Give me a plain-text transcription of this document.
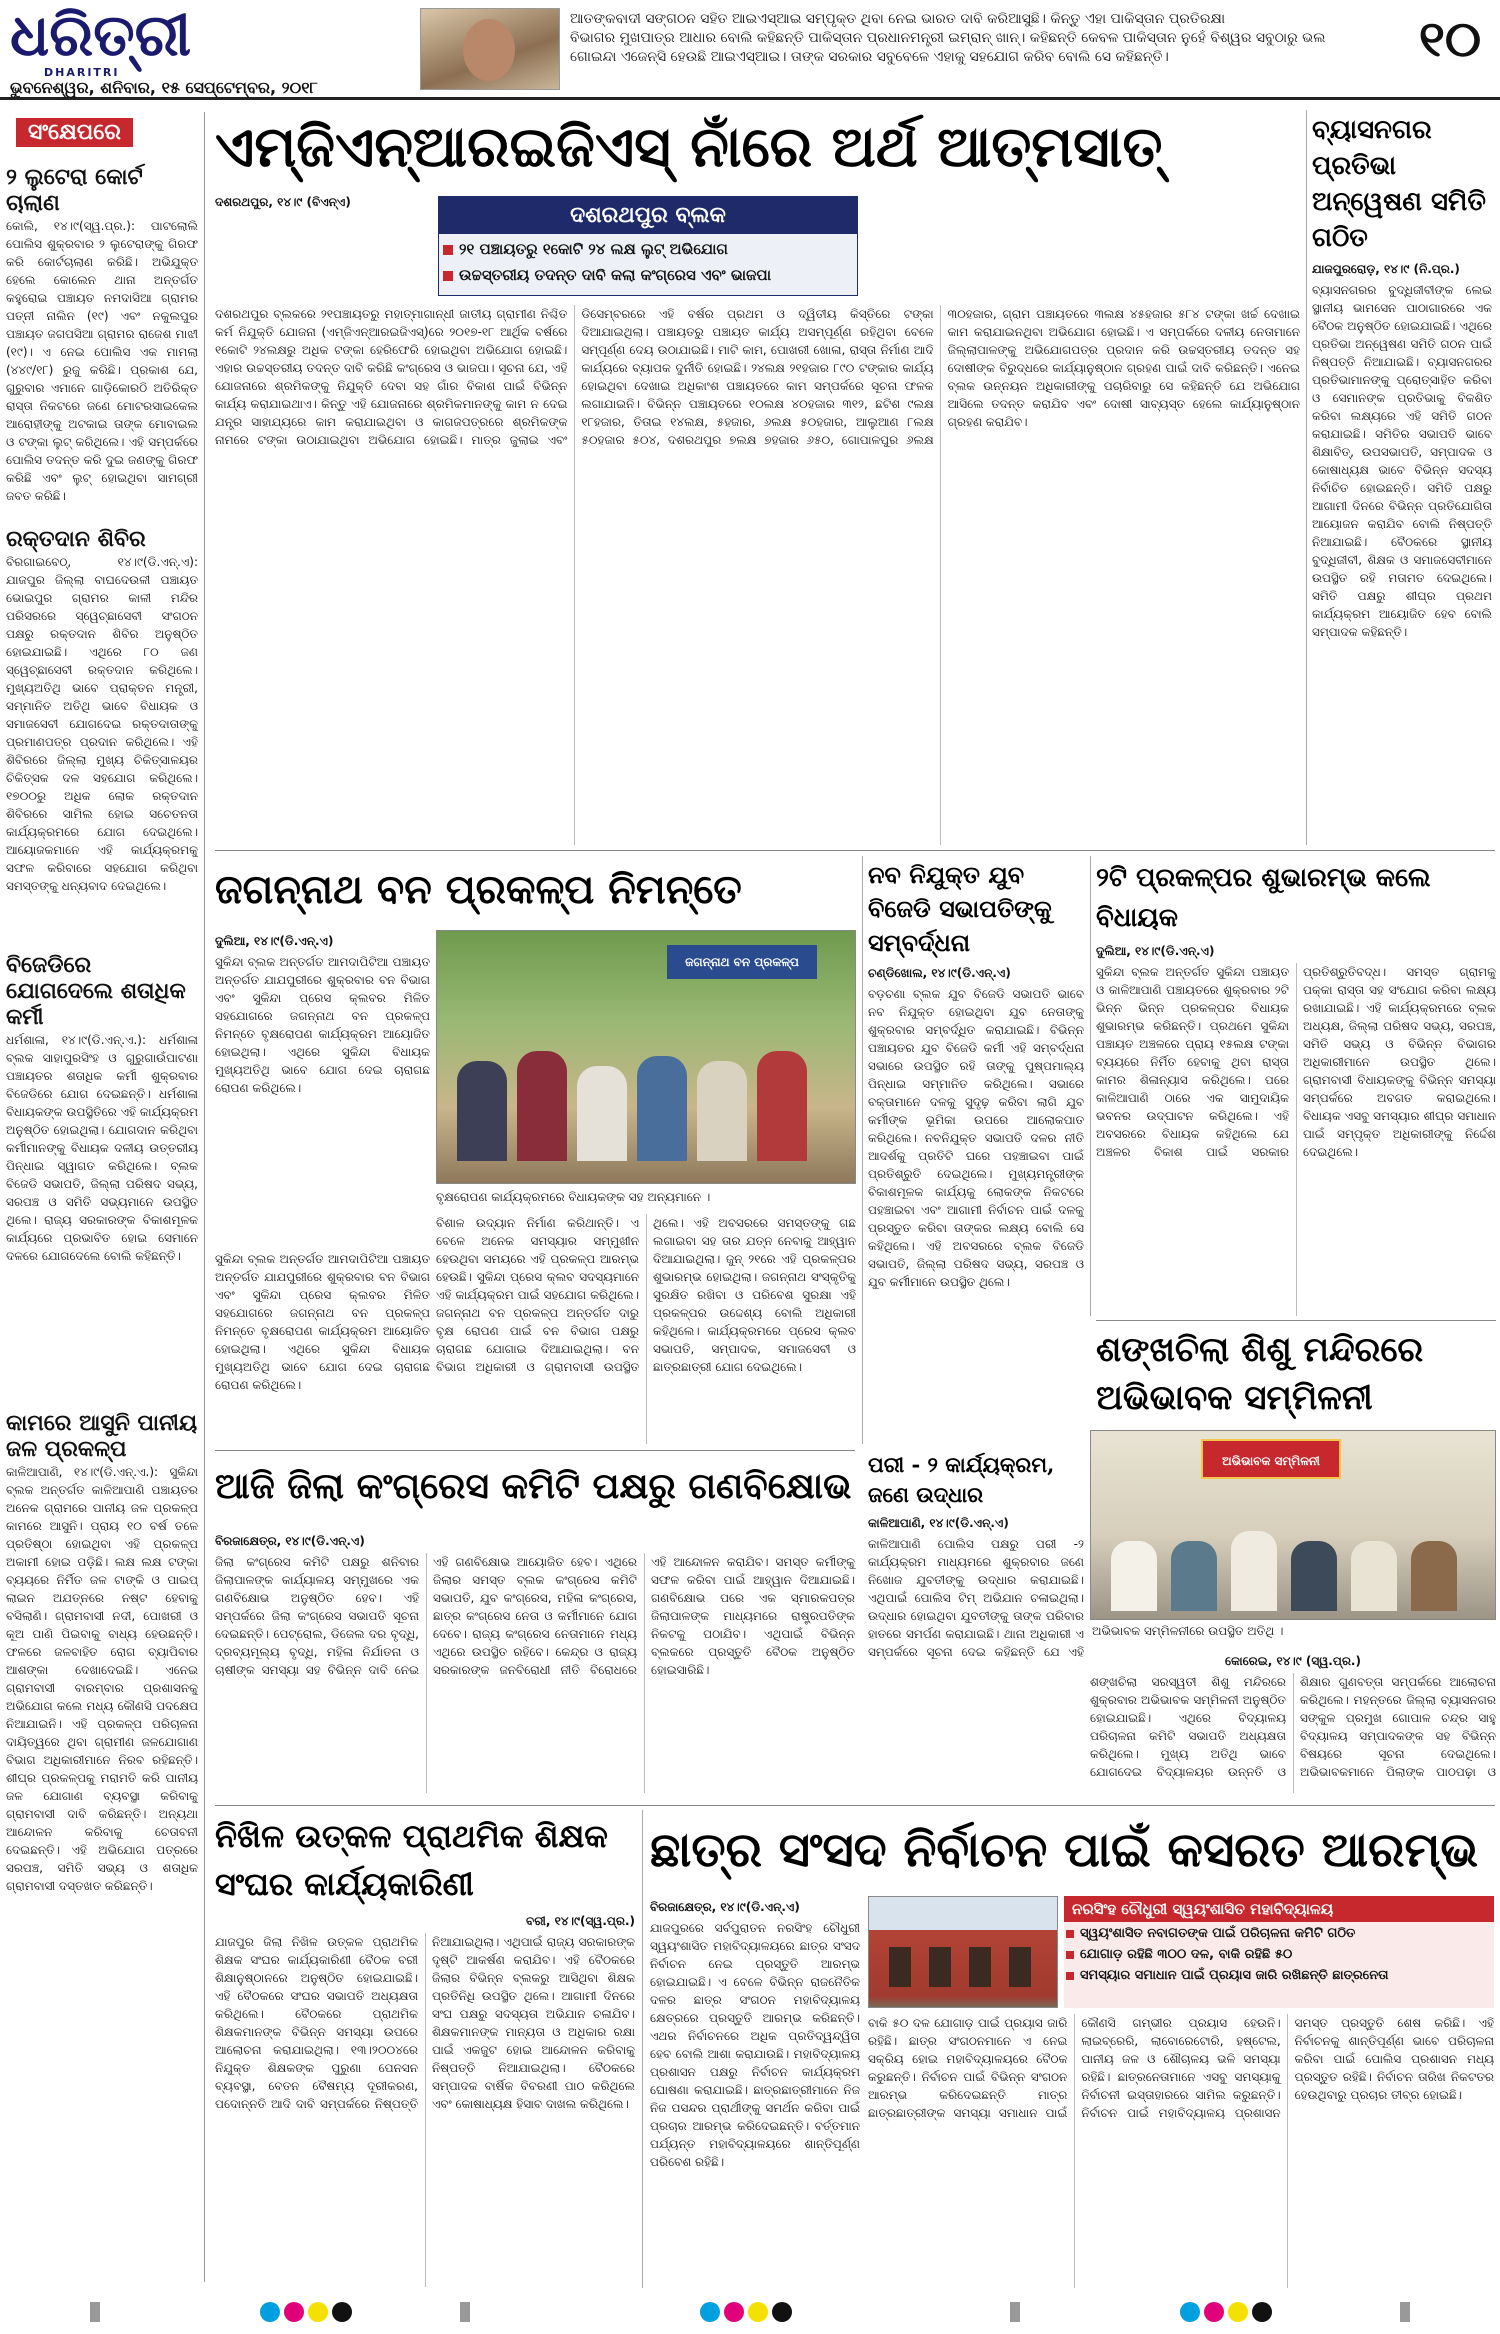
ଧରିତ୍ରୀ
DHARITRI
ଭୁବନେଶ୍ୱର, ଶନିବାର, ୧୫ ସେପ୍ଟେମ୍ବର, ୨୦୧୮
ଆତଙ୍କବାଦୀ ସଙ୍ଗଠନ ସହିତ ଆଇଏସ୍ଆଇ ସମ୍ପୃକ୍ତ ଥିବା ନେଇ ଭାରତ ଦାବି କରିଆସୁଛି। କିନ୍ତୁ ଏହା ପାକିସ୍ତାନ ପ୍ରତିରକ୍ଷା
ବିଭାଗର ମୁଖପାତ୍ର ଆଧାର ବୋଲି କହିଛନ୍ତି ପାକିସ୍ତାନ ପ୍ରଧାନମନ୍ତ୍ରୀ ଇମ୍ରାନ୍ ଖାନ୍। କହିଛନ୍ତି କେବଳ ପାକିସ୍ତାନ ନୁହେଁ ବିଶ୍ୱର ସବୁଠାରୁ ଭଲ
ଗୋଇନ୍ଦା ଏଜେନ୍ସି ହେଉଛି ଆଇଏସ୍ଆଇ। ତାଙ୍କ ସରକାର ସବୁବେଳେ ଏହାକୁ ସହଯୋଗ କରିବ ବୋଲି ସେ କହିଛନ୍ତି।	୧୦
ସଂକ୍ଷେପରେ
୨ ଲୁଟେରା କୋର୍ଟ ଚାଲାଣ
କୋଲି, ୧୪।୯(ସ୍ୱ.ପ୍ର.): ପାଟଲୋଲି ପୋଲିସ ଶୁକ୍ରବାର ୨ ଲୁଟେରାଙ୍କୁ ଗିରଫ କରି କୋର୍ଟଚାଲାଣ କରିଛି। ଅଭିଯୁକ୍ତ ହେଲେ କୋଲେନ ଥାନା ଅନ୍ତର୍ଗତ କହୁରୋଇ ପଞ୍ଚାୟତ ନମଦାସିଆ ଗ୍ରାମର ପତ୍ନୀ ନାଲିନ (୧୯) ଏବଂ ନକୁଲପୁର ପଞ୍ଚାୟତ ଜଗପସିଆ ଗ୍ରାମର ରାଜେଶ ମାଝୀ (୧୯)। ଏ ନେଇ ପୋଲିସ ଏକ ମାମଲା (୪୪୯/୧୮) ରୁଜୁ କରିଛି। ପ୍ରକାଶ ଯେ, ଗୁରୁବାର ଏମାନେ ଗାଡ଼ିକୋରଠି ଅତିରିକ୍ତ ରାସ୍ତା ନିକଟରେ ଜଣେ ମୋଟରସାଇକେଲ ଆରୋହୀଙ୍କୁ ଅଟକାଇ ତାଙ୍କ ମୋବାଇଲ ଓ ଟଙ୍କା ଲୁଟ୍ କରିଥିଲେ। ଏହି ସମ୍ପର୍କରେ ପୋଲିସ ତଦନ୍ତ କରି ଦୁଇ ଜଣଙ୍କୁ ଗିରଫ କରିଛି ଏବଂ ଲୁଟ୍ ହୋଇଥିବା ସାମଗ୍ରୀ ଜବତ କରିଛି।
ରକ୍ତଦାନ ଶିବିର
ବିରଗାଇବେଠ୍, ୧୪।୯(ଡି.ଏନ୍.ଏ): ଯାଜପୁର ଜିଲ୍ଲା ବାଘଦେଉଳୀ ପଞ୍ଚାୟତ ଭୋଇପୁର ଗ୍ରାମର କାଳୀ ମନ୍ଦିର ପରିସରରେ ସ୍ୱେଚ୍ଛାସେବୀ ସଂଗଠନ ପକ୍ଷରୁ ରକ୍ତଦାନ ଶିବିର ଅନୁଷ୍ଠିତ ହୋଇଯାଇଛି। ଏଥିରେ ୮୦ ଜଣ ସ୍ୱେଚ୍ଛାସେବୀ ରକ୍ତଦାନ କରିଥିଲେ। ମୁଖ୍ୟଅତିଥି ଭାବେ ପ୍ରାକ୍ତନ ମନ୍ତ୍ରୀ, ସମ୍ମାନିତ ଅତିଥି ଭାବେ ବିଧାୟକ ଓ ସମାଜସେବୀ ଯୋଗଦେଇ ରକ୍ତଦାତାଙ୍କୁ ପ୍ରମାଣପତ୍ର ପ୍ରଦାନ କରିଥିଲେ। ଏହି ଶିବିରରେ ଜିଲ୍ଲା ମୁଖ୍ୟ ଚିକିତ୍ସାଳୟର ଚିକିତ୍ସକ ଦଳ ସହଯୋଗ କରିଥିଲେ। ୧୭୦୦ରୁ ଅଧିକ ଲୋକ ରକ୍ତଦାନ ଶିବିରରେ ସାମିଲ ହୋଇ ସଚେତନତା କାର୍ଯ୍ୟକ୍ରମରେ ଯୋଗ ଦେଇଥିଲେ। ଆୟୋଜକମାନେ ଏହି କାର୍ଯ୍ୟକ୍ରମକୁ ସଫଳ କରିବାରେ ସହଯୋଗ କରିଥିବା ସମସ୍ତଙ୍କୁ ଧନ୍ୟବାଦ ଦେଇଥିଲେ।
ବିଜେଡିରେ ଯୋଗଦେଲେ ଶତାଧିକ କର୍ମୀ
ଧର୍ମଶାଳା, ୧୪।୯(ଡି.ଏନ୍.ଏ.): ଧର୍ମଶାଳା ବ୍ଲକ ସାହାପୁରସିଂହ ଓ ଗୁରୁଗାଉଁପାଟଣା ପଞ୍ଚାୟତର ଶତାଧିକ କର୍ମୀ ଶୁକ୍ରବାର ବିଜେଡିରେ ଯୋଗ ଦେଇଛନ୍ତି। ଧର୍ମଶାଳା ବିଧାୟକଙ୍କ ଉପସ୍ଥିତିରେ ଏହି କାର୍ଯ୍ୟକ୍ରମ ଅନୁଷ୍ଠିତ ହୋଇଥିଲା। ଯୋଗଦାନ କରିଥିବା କର୍ମୀମାନଙ୍କୁ ବିଧାୟକ ଦଳୀୟ ଉତ୍ତରୀୟ ପିନ୍ଧାଇ ସ୍ୱାଗତ କରିଥିଲେ। ବ୍ଲକ ବିଜେଡି ସଭାପତି, ଜିଲ୍ଲା ପରିଷଦ ସଭ୍ୟ, ସରପଞ୍ଚ ଓ ସମିତି ସଭ୍ୟମାନେ ଉପସ୍ଥିତ ଥିଲେ। ରାଜ୍ୟ ସରକାରଙ୍କ ବିକାଶମୂଳକ କାର୍ଯ୍ୟରେ ପ୍ରଭାବିତ ହୋଇ ସେମାନେ ଦଳରେ ଯୋଗଦେଲେ ବୋଲି କହିଛନ୍ତି।
କାମରେ ଆସୁନି ପାନୀୟ ଜଳ ପ୍ରକଳ୍ପ
କାଳିଆପାଣି, ୧୪।୯(ଡି.ଏନ୍.ଏ.): ସୁକିନ୍ଦା ବ୍ଲକ ଅନ୍ତର୍ଗତ କାଳିଆପାଣି ପଞ୍ଚାୟତର ଅନେକ ଗ୍ରାମରେ ପାନୀୟ ଜଳ ପ୍ରକଳ୍ପ କାମରେ ଆସୁନି। ପ୍ରାୟ ୧୦ ବର୍ଷ ତଳେ ପ୍ରତିଷ୍ଠା ହୋଇଥିବା ଏହି ପ୍ରକଳ୍ପ ଅକାମୀ ହୋଇ ପଡ଼ିଛି। ଲକ୍ଷ ଲକ୍ଷ ଟଙ୍କା ବ୍ୟୟରେ ନିର୍ମିତ ଜଳ ଟାଙ୍କି ଓ ପାଇପ୍ ଲାଇନ ଅଯତ୍ନରେ ନଷ୍ଟ ହେବାକୁ ବସିଲାଣି। ଗ୍ରାମବାସୀ ନଦୀ, ପୋଖରୀ ଓ କୂଅ ପାଣି ପିଇବାକୁ ବାଧ୍ୟ ହେଉଛନ୍ତି। ଫଳରେ ଜଳବାହିତ ରୋଗ ବ୍ୟାପିବାର ଆଶଙ୍କା ଦେଖାଦେଇଛି। ଏନେଇ ଗ୍ରାମବାସୀ ବାରମ୍ବାର ପ୍ରଶାସନକୁ ଅଭିଯୋଗ କଲେ ମଧ୍ୟ କୌଣସି ପଦକ୍ଷେପ ନିଆଯାଇନି। ଏହି ପ୍ରକଳ୍ପ ପରିଚାଳନା ଦାୟିତ୍ୱରେ ଥିବା ଗ୍ରାମୀଣ ଜଳଯୋଗାଣ ବିଭାଗ ଅଧିକାରୀମାନେ ନିରବ ରହିଛନ୍ତି। ଶୀଘ୍ର ପ୍ରକଳ୍ପକୁ ମରାମତି କରି ପାନୀୟ ଜଳ ଯୋଗାଣ ବ୍ୟବସ୍ଥା କରିବାକୁ ଗ୍ରାମବାସୀ ଦାବି କରିଛନ୍ତି। ଅନ୍ୟଥା ଆନ୍ଦୋଳନ କରିବାକୁ ଚେତାବନୀ ଦେଇଛନ୍ତି। ଏହି ଅଭିଯୋଗ ପତ୍ରରେ ସରପଞ୍ଚ, ସମିତି ସଭ୍ୟ ଓ ଶତାଧିକ ଗ୍ରାମବାସୀ ଦସ୍ତଖତ କରିଛନ୍ତି।
ଏମ୍‌ଜିଏନ୍‌ଆରଇଜିଏସ୍ ନାଁରେ ଅର୍ଥ ଆତ୍ମସାତ୍
ଦଶରଥପୁର, ୧୪।୯ (ବିଏନ୍ଏ)
ଦଶରଥପୁର ବ୍ଲକ
୨୧ ପଞ୍ଚାୟତରୁ ୧କୋଟି ୨୪ ଲକ୍ଷ ଲୁଟ୍ ଅଭିଯୋଗ
ଉଚ୍ଚସ୍ତରୀୟ ତଦନ୍ତ ଦାବି କଲା କଂଗ୍ରେସ ଏବଂ ଭାଜପା
ଦଶରଥପୁର ବ୍ଲକରେ ୨୧ପଞ୍ଚାୟତରୁ ମହାତ୍ମାଗାନ୍ଧୀ ଜାତୀୟ ଗ୍ରାମୀଣ ନିଶ୍ଚିତ କର୍ମ ନିଯୁକ୍ତି ଯୋଜନା (ଏମ୍‌ଜିଏନ୍‌ଆରଇଜିଏସ୍)ରେ ୨୦୧୭-୧୮ ଆର୍ଥିକ ବର୍ଷରେ ୧କୋଟି ୨୪ଲକ୍ଷରୁ ଅଧିକ ଟଙ୍କା ହେରିଫେରି ହୋଇଥିବା ଅଭିଯୋଗ ହୋଇଛି। ଏହାର ଉଚ୍ଚସ୍ତରୀୟ ତଦନ୍ତ ଦାବି କରିଛି କଂଗ୍ରେସ ଓ ଭାଜପା। ସୂଚନା ଯେ, ଏହି ଯୋଜନାରେ ଶ୍ରମିକଙ୍କୁ ନିଯୁକ୍ତି ଦେବା ସହ ଗାଁର ବିକାଶ ପାଇଁ ବିଭିନ୍ନ କାର୍ଯ୍ୟ କରାଯାଇଥାଏ। କିନ୍ତୁ ଏହି ଯୋଜନାରେ ଶ୍ରମିକମାନଙ୍କୁ କାମ ନ ଦେଇ ଯନ୍ତ୍ର ସାହାଯ୍ୟରେ କାମ କରାଯାଇଥିବା ଓ କାଗଜପତ୍ରରେ ଶ୍ରମିକଙ୍କ ନାମରେ ଟଙ୍କା ଉଠାଯାଇଥିବା ଅଭିଯୋଗ ହୋଇଛି। ମାତ୍ର ଜୁଲାଇ ଏବଂ ଡିସେମ୍ବରରେ ଏହି ବର୍ଷର ପ୍ରଥମ ଓ ଦ୍ୱିତୀୟ କିସ୍ତିରେ ଟଙ୍କା ଦିଆଯାଇଥିଲା। ପଞ୍ଚାୟତରୁ ପଞ୍ଚାୟତ କାର୍ଯ୍ୟ ଅସମ୍ପୂର୍ଣ୍ଣ ରହିଥିବା ବେଳେ ସମ୍ପୂର୍ଣ୍ଣ ଦେୟ ଉଠାଯାଇଛି। ମାଟି କାମ, ପୋଖରୀ ଖୋଳା, ରାସ୍ତା ନିର୍ମାଣ ଆଦି କାର୍ଯ୍ୟରେ ବ୍ୟାପକ ଦୁର୍ନୀତି ହୋଇଛି। ୨୪ଲକ୍ଷ ୨୧ହଜାର ୮୯୦ ଟଙ୍କାର କାର୍ଯ୍ୟ ହୋଇଥିବା ଦେଖାଇ ଅଧିକାଂଶ ପଞ୍ଚାୟତରେ କାମ ସମ୍ପର୍କରେ ସୂଚନା ଫଳକ ଲଗାଯାଇନି। ବିଭିନ୍ନ ପଞ୍ଚାୟତରେ ୧୦ଲକ୍ଷ ୪୦ହଜାର ୩୧୨, ଛଟିଶ ୯ଲକ୍ଷ ୧୮ହଜାର, ତିତାଇ ୧୪ଲକ୍ଷ, ୫ହଜାର, ୬ଲକ୍ଷ ୫୦ହଜାର, ଆଲୁଆଣ ୮ଲକ୍ଷ ୫୦ହଜାର ୫୦୪, ଦଶରଥପୁର ୭ଲକ୍ଷ ୭ହଜାର ୬୫୦, ଗୋପାଳପୁର ୬ଲକ୍ଷ ୩୦ହଜାର, ଗ୍ରାମ ପଞ୍ଚାୟତରେ ୩ଲକ୍ଷ ୪୫ହଜାର ୫୮୪ ଟଙ୍କା ଖର୍ଚ୍ଚ ଦେଖାଇ କାମ କରାଯାଇନଥିବା ଅଭିଯୋଗ ହୋଇଛି। ଏ ସମ୍ପର୍କରେ ଦଳୀୟ ନେତାମାନେ ଜିଲ୍ଲାପାଳଙ୍କୁ ଅଭିଯୋଗପତ୍ର ପ୍ରଦାନ କରି ଉଚ୍ଚସ୍ତରୀୟ ତଦନ୍ତ ସହ ଦୋଷୀଙ୍କ ବିରୁଦ୍ଧରେ କାର୍ଯ୍ୟାନୁଷ୍ଠାନ ଗ୍ରହଣ ପାଇଁ ଦାବି କରିଛନ୍ତି। ଏନେଇ ବ୍ଲକ ଉନ୍ନୟନ ଅଧିକାରୀଙ୍କୁ ପଚାରିବାରୁ ସେ କହିଛନ୍ତି ଯେ ଅଭିଯୋଗ ଆସିଲେ ତଦନ୍ତ କରାଯିବ ଏବଂ ଦୋଷୀ ସାବ୍ୟସ୍ତ ହେଲେ କାର୍ଯ୍ୟାନୁଷ୍ଠାନ ଗ୍ରହଣ କରାଯିବ।
ବ୍ୟାସନଗର ପ୍ରତିଭା ଅନ୍ୱେଷଣ ସମିତି ଗଠିତ
ଯାଜପୁରରୋଡ଼, ୧୪।୯ (ନି.ପ୍ର.)
ବ୍ୟାସନଗରର ବୁଦ୍ଧିଜୀବୀଙ୍କ ଲେଇ ସ୍ଥାନୀୟ ଭାମସେନ ପାଠାଗାରରେ ଏକ ବୈଠକ ଅନୁଷ୍ଠିତ ହୋଇଯାଇଛି। ଏଥିରେ ପ୍ରତିଭା ଅନ୍ୱେଷଣ ସମିତି ଗଠନ ପାଇଁ ନିଷ୍ପତ୍ତି ନିଆଯାଇଛି। ବ୍ୟାସନଗରର ପ୍ରତିଭାମାନଙ୍କୁ ପ୍ରୋତ୍ସାହିତ କରିବା ଓ ସେମାନଙ୍କ ପ୍ରତିଭାକୁ ବିକଶିତ କରିବା ଲକ୍ଷ୍ୟରେ ଏହି ସମିତି ଗଠନ କରାଯାଇଛି। ସମିତିର ସଭାପତି ଭାବେ ଶିକ୍ଷାବିତ୍, ଉପସଭାପତି, ସମ୍ପାଦକ ଓ କୋଷାଧ୍ୟକ୍ଷ ଭାବେ ବିଭିନ୍ନ ସଦସ୍ୟ ନିର୍ବାଚିତ ହୋଇଛନ୍ତି। ସମିତି ପକ୍ଷରୁ ଆଗାମୀ ଦିନରେ ବିଭିନ୍ନ ପ୍ରତିଯୋଗିତା ଆୟୋଜନ କରାଯିବ ବୋଲି ନିଷ୍ପତ୍ତି ନିଆଯାଇଛି। ବୈଠକରେ ସ୍ଥାନୀୟ ବୁଦ୍ଧିଜୀବୀ, ଶିକ୍ଷକ ଓ ସମାଜସେବୀମାନେ ଉପସ୍ଥିତ ରହି ମତାମତ ଦେଇଥିଲେ। ସମିତି ପକ୍ଷରୁ ଶୀଘ୍ର ପ୍ରଥମ କାର୍ଯ୍ୟକ୍ରମ ଆୟୋଜିତ ହେବ ବୋଲି ସମ୍ପାଦକ କହିଛନ୍ତି।
ଜଗନ୍ନାଥ ବନ ପ୍ରକଳ୍ପ ନିମନ୍ତେ
ଦୁଲିଆ, ୧୪।୯(ଡି.ଏନ୍.ଏ)
ସୁକିନ୍ଦା ବ୍ଲକ ଅନ୍ତର୍ଗତ ଆମଦାପିଟିଆ ପଞ୍ଚାୟତ ଅନ୍ତର୍ଗତ ଯାଯପୁରୀରେ ଶୁକ୍ରବାର ବନ ବିଭାଗ ଏବଂ ସୁକିନ୍ଦା ପ୍ରେସ କ୍ଲବର ମିଳିତ ସହଯୋଗରେ ଜଗନ୍ନାଥ ବନ ପ୍ରକଳ୍ପ ନିମନ୍ତେ ବୃକ୍ଷରୋପଣ କାର୍ଯ୍ୟକ୍ରମ ଆୟୋଜିତ ହୋଇଥିଲା। ଏଥିରେ ସୁକିନ୍ଦା ବିଧାୟକ ମୁଖ୍ୟଅତିଥି ଭାବେ ଯୋଗ ଦେଇ ଚାରାଗଛ ରୋପଣ କରିଥିଲେ।
ଜଗନ୍ନାଥ ବନ ପ୍ରକଳ୍ପ
ବୃକ୍ଷରୋପଣ କାର୍ଯ୍ୟକ୍ରମରେ ବିଧାୟକଙ୍କ ସହ ଅନ୍ୟମାନେ ।
ବିଶାଳ ଉଦ୍ୟାନ ନିର୍ମାଣ କରିଥାନ୍ତି। ଏ ବେଳେ ଅନେକ ସମସ୍ୟାର ସମ୍ମୁଖୀନ ହେଉଥିବା ସମୟରେ ଏହି ପ୍ରକଳ୍ପ ଆରମ୍ଭ ହେଉଛି। ସୁକିନ୍ଦା ପ୍ରେସ କ୍ଲବ ସଦସ୍ୟମାନେ ଏହି କାର୍ଯ୍ୟକ୍ରମ ପାଇଁ ସହଯୋଗ କରିଥିଲେ। ଜଗନ୍ନାଥ ବନ ପ୍ରକଳ୍ପ ଅନ୍ତର୍ଗତ ଦାରୁ ବୃକ୍ଷ ରୋପଣ ପାଇଁ ବନ ବିଭାଗ ପକ୍ଷରୁ ଚାରାଗଛ ଯୋଗାଇ ଦିଆଯାଇଥିଲା। ବନ ବିଭାଗ ଅଧିକାରୀ ଓ ଗ୍ରାମବାସୀ ଉପସ୍ଥିତ ଥିଲେ। ଏହି ଅବସରରେ ସମସ୍ତଙ୍କୁ ଗଛ ଲଗାଇବା ସହ ତାର ଯତ୍ନ ନେବାକୁ ଆହ୍ୱାନ ଦିଆଯାଇଥିଲା। ଜୁନ୍ ୨୧ରେ ଏହି ପ୍ରକଳ୍ପର ଶୁଭାରମ୍ଭ ହୋଇଥିଲା। ଜଗନ୍ନାଥ ସଂସ୍କୃତିକୁ ସୁରକ୍ଷିତ ରଖିବା ଓ ପରିବେଶ ସୁରକ୍ଷା ଏହି ପ୍ରକଳ୍ପର ଉଦ୍ଦେଶ୍ୟ ବୋଲି ଅଧିକାରୀ କହିଥିଲେ। କାର୍ଯ୍ୟକ୍ରମରେ ପ୍ରେସ କ୍ଲବ ସଭାପତି, ସମ୍ପାଦକ, ସମାଜସେବୀ ଓ ଛାତ୍ରଛାତ୍ରୀ ଯୋଗ ଦେଇଥିଲେ।
ସୁକିନ୍ଦା ବ୍ଲକ ଅନ୍ତର୍ଗତ ଆମଦାପିଟିଆ ପଞ୍ଚାୟତ ଅନ୍ତର୍ଗତ ଯାଯପୁରୀରେ ଶୁକ୍ରବାର ବନ ବିଭାଗ ଏବଂ ସୁକିନ୍ଦା ପ୍ରେସ କ୍ଲବର ମିଳିତ ସହଯୋଗରେ ଜଗନ୍ନାଥ ବନ ପ୍ରକଳ୍ପ ନିମନ୍ତେ ବୃକ୍ଷରୋପଣ କାର୍ଯ୍ୟକ୍ରମ ଆୟୋଜିତ ହୋଇଥିଲା। ଏଥିରେ ସୁକିନ୍ଦା ବିଧାୟକ ମୁଖ୍ୟଅତିଥି ଭାବେ ଯୋଗ ଦେଇ ଚାରାଗଛ ରୋପଣ କରିଥିଲେ।
ନବ ନିଯୁକ୍ତ ଯୁବ ବିଜେଡି ସଭାପତିଙ୍କୁ ସମ୍ବର୍ଦ୍ଧନା
ଚଣ୍ଡିଖୋଲ, ୧୪।୯(ଡି.ଏନ୍.ଏ)
ବଡ଼ଚଣା ବ୍ଲକ ଯୁବ ବିଜେଡି ସଭାପତି ଭାବେ ନବ ନିଯୁକ୍ତ ହୋଇଥିବା ଯୁବ ନେତାଙ୍କୁ ଶୁକ୍ରବାର ସମ୍ବର୍ଦ୍ଧିତ କରାଯାଇଛି। ବିଭିନ୍ନ ପଞ୍ଚାୟତର ଯୁବ ବିଜେଡି କର୍ମୀ ଏହି ସମ୍ବର୍ଦ୍ଧନା ସଭାରେ ଉପସ୍ଥିତ ରହି ତାଙ୍କୁ ପୁଷ୍ପମାଲ୍ୟ ପିନ୍ଧାଇ ସମ୍ମାନିତ କରିଥିଲେ। ସଭାରେ ବକ୍ତାମାନେ ଦଳକୁ ସୁଦୃଢ଼ କରିବା ଲାଗି ଯୁବ କର୍ମୀଙ୍କ ଭୂମିକା ଉପରେ ଆଲୋକପାତ କରିଥିଲେ। ନବନିଯୁକ୍ତ ସଭାପତି ଦଳର ନୀତି ଆଦର୍ଶକୁ ପ୍ରତିଟି ଘରେ ପହଞ୍ଚାଇବା ପାଇଁ ପ୍ରତିଶ୍ରୁତି ଦେଇଥିଲେ। ମୁଖ୍ୟମନ୍ତ୍ରୀଙ୍କ ବିକାଶମୂଳକ କାର୍ଯ୍ୟକୁ ଲୋକଙ୍କ ନିକଟରେ ପହଞ୍ଚାଇବା ଏବଂ ଆଗାମୀ ନିର୍ବାଚନ ପାଇଁ ଦଳକୁ ପ୍ରସ୍ତୁତ କରିବା ତାଙ୍କର ଲକ୍ଷ୍ୟ ବୋଲି ସେ କହିଥିଲେ। ଏହି ଅବସରରେ ବ୍ଲକ ବିଜେଡି ସଭାପତି, ଜିଲ୍ଲା ପରିଷଦ ସଭ୍ୟ, ସରପଞ୍ଚ ଓ ଯୁବ କର୍ମୀମାନେ ଉପସ୍ଥିତ ଥିଲେ।
୨ଟି ପ୍ରକଳ୍ପର ଶୁଭାରମ୍ଭ କଲେ ବିଧାୟକ
ଦୁଲିଆ, ୧୪।୯(ଡି.ଏନ୍.ଏ)
ସୁକିନ୍ଦା ବ୍ଲକ ଅନ୍ତର୍ଗତ ସୁକିନ୍ଦା ପଞ୍ଚାୟତ ଓ କାଳିଆପାଣି ପଞ୍ଚାୟତରେ ଶୁକ୍ରବାର ୨ଟି ଭିନ୍ନ ଭିନ୍ନ ପ୍ରକଳ୍ପର ବିଧାୟକ ଶୁଭାରମ୍ଭ କରିଛନ୍ତି। ପ୍ରଥମେ ସୁକିନ୍ଦା ପଞ୍ଚାୟତ ଅଞ୍ଚଳରେ ପ୍ରାୟ ୧୫ଲକ୍ଷ ଟଙ୍କା ବ୍ୟୟରେ ନିର୍ମିତ ହେବାକୁ ଥିବା ରାସ୍ତା କାମର ଶିଳାନ୍ୟାସ କରିଥିଲେ। ପରେ କାଳିଆପାଣି ଠାରେ ଏକ ସାମୁଦାୟିକ ଭବନର ଉଦ୍‌ଘାଟନ କରିଥିଲେ। ଏହି ଅବସରରେ ବିଧାୟକ କହିଥିଲେ ଯେ ଅଞ୍ଚଳର ବିକାଶ ପାଇଁ ସରକାର ପ୍ରତିଶ୍ରୁତିବଦ୍ଧ। ସମସ୍ତ ଗ୍ରାମକୁ ପକ୍କା ରାସ୍ତା ସହ ସଂଯୋଗ କରିବା ଲକ୍ଷ୍ୟ ରଖାଯାଇଛି। ଏହି କାର୍ଯ୍ୟକ୍ରମରେ ବ୍ଲକ ଅଧ୍ୟକ୍ଷ, ଜିଲ୍ଲା ପରିଷଦ ସଭ୍ୟ, ସରପଞ୍ଚ, ସମିତି ସଭ୍ୟ ଓ ବିଭିନ୍ନ ବିଭାଗର ଅଧିକାରୀମାନେ ଉପସ୍ଥିତ ଥିଲେ। ଗ୍ରାମବାସୀ ବିଧାୟକଙ୍କୁ ବିଭିନ୍ନ ସମସ୍ୟା ସମ୍ପର୍କରେ ଅବଗତ କରାଇଥିଲେ। ବିଧାୟକ ଏସବୁ ସମସ୍ୟାର ଶୀଘ୍ର ସମାଧାନ ପାଇଁ ସମ୍ପୃକ୍ତ ଅଧିକାରୀଙ୍କୁ ନିର୍ଦ୍ଦେଶ ଦେଇଥିଲେ।
ପରୀ - ୨ କାର୍ଯ୍ୟକ୍ରମ, ଜଣେ ଉଦ୍ଧାର
କାଳିଆପାଣି, ୧୪।୯(ଡି.ଏନ୍.ଏ)
କାଳିଆପାଣି ପୋଲିସ ପକ୍ଷରୁ ପରୀ -୨ କାର୍ଯ୍ୟକ୍ରମ ମାଧ୍ୟମରେ ଶୁକ୍ରବାର ଜଣେ ନିଖୋଜ ଯୁବତୀଙ୍କୁ ଉଦ୍ଧାର କରାଯାଇଛି। ଏଥିପାଇଁ ପୋଲିସ ଟିମ୍ ଅଭିଯାନ ଚଳାଇଥିଲା। ଉଦ୍ଧାର ହୋଇଥିବା ଯୁବତୀଙ୍କୁ ତାଙ୍କ ପରିବାର ହାତରେ ସମର୍ପଣ କରାଯାଇଛି। ଥାନା ଅଧିକାରୀ ଏ ସମ୍ପର୍କରେ ସୂଚନା ଦେଇ କହିଛନ୍ତି ଯେ ଏହି
ଶଙ୍ଖଚିଲା ଶିଶୁ ମନ୍ଦିରରେ ଅଭିଭାବକ ସମ୍ମିଳନୀ
ଅଭିଭାବକ ସମ୍ମିଳନୀ
ଅଭିଭାବକ ସମ୍ମିଳନୀରେ ଉପସ୍ଥିତ ଅତିଥି ।
କୋରେଇ, ୧୪।୯ (ସ୍ୱ.ପ୍ର.)
ଶଙ୍ଖଚିଲା ସରସ୍ୱତୀ ଶିଶୁ ମନ୍ଦିରରେ ଶୁକ୍ରବାର ଅଭିଭାବକ ସମ୍ମିଳନୀ ଅନୁଷ୍ଠିତ ହୋଇଯାଇଛି। ଏଥିରେ ବିଦ୍ୟାଳୟ ପରିଚାଳନା କମିଟି ସଭାପତି ଅଧ୍ୟକ୍ଷତା କରିଥିଲେ। ମୁଖ୍ୟ ଅତିଥି ଭାବେ ଯୋଗଦେଇ ବିଦ୍ୟାଳୟର ଉନ୍ନତି ଓ ଶିକ୍ଷାର ଗୁଣବତ୍ତା ସମ୍ପର୍କରେ ଆଲୋଚନା କରିଥିଲେ। ମହନ୍ତରେ ଜିଲ୍ଲା ବ୍ୟାସନଗର ସଙ୍କୁଳ ପ୍ରମୁଖ ଗୋପାଳ ଚନ୍ଦ୍ର ସାହୁ ବିଦ୍ୟାଳୟ ସମ୍ପାଦକଙ୍କ ସହ ବିଭିନ୍ନ ବିଷୟରେ ସୂଚନା ଦେଇଥିଲେ। ଅଭିଭାବକମାନେ ପିଲାଙ୍କ ପାଠପଢ଼ା ଓ
ଆଜି ଜିଲା କଂଗ୍ରେସ କମିଟି ପକ୍ଷରୁ ଗଣବିକ୍ଷୋଭ
ବିରଜାକ୍ଷେତ୍ର, ୧୪।୯(ଡି.ଏନ୍.ଏ)
ଜିଲା କଂଗ୍ରେସ କମିଟି ପକ୍ଷରୁ ଶନିବାର ଜିଲାପାଳଙ୍କ କାର୍ଯ୍ୟାଳୟ ସମ୍ମୁଖରେ ଏକ ଗଣବିକ୍ଷୋଭ ଅନୁଷ୍ଠିତ ହେବ। ଏହି ସମ୍ପର୍କରେ ଜିଲା କଂଗ୍ରେସ ସଭାପତି ସୂଚନା ଦେଇଛନ୍ତି। ପେଟ୍ରୋଲ, ଡିଜେଲ ଦର ବୃଦ୍ଧି, ଦ୍ରବ୍ୟମୂଲ୍ୟ ବୃଦ୍ଧି, ମହିଳା ନିର୍ଯାତନା ଓ ଚାଷୀଙ୍କ ସମସ୍ୟା ସହ ବିଭିନ୍ନ ଦାବି ନେଇ ଏହି ଗଣବିକ୍ଷୋଭ ଆୟୋଜିତ ହେବ। ଏଥିରେ ଜିଲାର ସମସ୍ତ ବ୍ଲକ କଂଗ୍ରେସ କମିଟି ସଭାପତି, ଯୁବ କଂଗ୍ରେସ, ମହିଳା କଂଗ୍ରେସ, ଛାତ୍ର କଂଗ୍ରେସ ନେତା ଓ କର୍ମୀମାନେ ଯୋଗ ଦେବେ। ରାଜ୍ୟ କଂଗ୍ରେସ ନେତାମାନେ ମଧ୍ୟ ଏଥିରେ ଉପସ୍ଥିତ ରହିବେ। କେନ୍ଦ୍ର ଓ ରାଜ୍ୟ ସରକାରଙ୍କ ଜନବିରୋଧୀ ନୀତି ବିରୋଧରେ ଏହି ଆନ୍ଦୋଳନ କରାଯିବ। ସମସ୍ତ କର୍ମୀଙ୍କୁ ସଫଳ କରିବା ପାଇଁ ଆହ୍ୱାନ ଦିଆଯାଇଛି। ଗଣବିକ୍ଷୋଭ ପରେ ଏକ ସ୍ମାରକପତ୍ର ଜିଲାପାଳଙ୍କ ମାଧ୍ୟମରେ ରାଷ୍ଟ୍ରପତିଙ୍କ ନିକଟକୁ ପଠାଯିବ। ଏଥିପାଇଁ ବିଭିନ୍ନ ବ୍ଲକରେ ପ୍ରସ୍ତୁତି ବୈଠକ ଅନୁଷ୍ଠିତ ହୋଇସାରିଛି।
ନିଖିଳ ଉତ୍କଳ ପ୍ରାଥମିକ ଶିକ୍ଷକ ସଂଘର କାର୍ଯ୍ୟକାରିଣୀ
ବରୀ, ୧୪।୯(ସ୍ୱ.ପ୍ର.)
ଯାଜପୁର ଜିଲା ନିଖିଳ ଉତ୍କଳ ପ୍ରାଥମିକ ଶିକ୍ଷକ ସଂଘର କାର୍ଯ୍ୟକାରିଣୀ ବୈଠକ ବରୀ ଶିକ୍ଷାନୁଷ୍ଠାନରେ ଅନୁଷ୍ଠିତ ହୋଇଯାଇଛି। ଏହି ବୈଠକରେ ସଂଘର ସଭାପତି ଅଧ୍ୟକ୍ଷତା କରିଥିଲେ। ବୈଠକରେ ପ୍ରାଥମିକ ଶିକ୍ଷକମାନଙ୍କ ବିଭିନ୍ନ ସମସ୍ୟା ଉପରେ ଆଲୋଚନା କରାଯାଇଥିଲା। ୧୩।୨୦୦୪ରେ ନିଯୁକ୍ତ ଶିକ୍ଷକଙ୍କ ପୁରୁଣା ପେନସନ ବ୍ୟବସ୍ଥା, ବେତନ ବୈଷମ୍ୟ ଦୂରୀକରଣ, ପଦୋନ୍ନତି ଆଦି ଦାବି ସମ୍ପର୍କରେ ନିଷ୍ପତ୍ତି ନିଆଯାଇଥିଲା। ଏଥିପାଇଁ ରାଜ୍ୟ ସରକାରଙ୍କ ଦୃଷ୍ଟି ଆକର୍ଷଣ କରାଯିବ। ଏହି ବୈଠକରେ ଜିଲାର ବିଭିନ୍ନ ବ୍ଲକରୁ ଆସିଥିବା ଶିକ୍ଷକ ପ୍ରତିନିଧି ଉପସ୍ଥିତ ଥିଲେ। ଆଗାମୀ ଦିନରେ ସଂଘ ପକ୍ଷରୁ ସଦସ୍ୟତା ଅଭିଯାନ ଚଳାଯିବ। ଶିକ୍ଷକମାନଙ୍କ ମାନ୍ୟତା ଓ ଅଧିକାର ରକ୍ଷା ପାଇଁ ଏକଜୁଟ ହୋଇ ଆନ୍ଦୋଳନ କରିବାକୁ ନିଷ୍ପତ୍ତି ନିଆଯାଇଥିଲା। ବୈଠକରେ ସମ୍ପାଦକ ବାର୍ଷିକ ବିବରଣୀ ପାଠ କରିଥିଲେ ଏବଂ କୋଷାଧ୍ୟକ୍ଷ ହିସାବ ଦାଖଲ କରିଥିଲେ।
ଛାତ୍ର ସଂସଦ ନିର୍ବାଚନ ପାଇଁ କସରତ ଆରମ୍ଭ
ବିରଜାକ୍ଷେତ୍ର, ୧୪।୯(ଡି.ଏନ୍.ଏ)
ଯାଜପୁରରେ ସର୍ବପୁରାତନ ନରସିଂହ ଚୌଧୁରୀ ସ୍ୱୟଂଶାସିତ ମହାବିଦ୍ୟାଳୟରେ ଛାତ୍ର ସଂସଦ ନିର୍ବାଚନ ନେଇ ପ୍ରସ୍ତୁତି ଆରମ୍ଭ ହୋଇଯାଇଛି। ଏ ବେଳେ ବିଭିନ୍ନ ରାଜନୈତିକ ଦଳର ଛାତ୍ର ସଂଗଠନ ମହାବିଦ୍ୟାଳୟ କ୍ଷେତ୍ରରେ ପ୍ରସ୍ତୁତି ଆରମ୍ଭ କରିଛନ୍ତି। ଏଥର ନିର୍ବାଚନରେ ଅଧିକ ପ୍ରତିଦ୍ୱନ୍ଦ୍ୱିତା ହେବ ବୋଲି ଆଶା କରାଯାଉଛି। ମହାବିଦ୍ୟାଳୟ ପ୍ରଶାସନ ପକ୍ଷରୁ ନିର୍ବାଚନ କାର୍ଯ୍ୟକ୍ରମ ଘୋଷଣା କରାଯାଇଛି। ଛାତ୍ରଛାତ୍ରୀମାନେ ନିଜ ନିଜ ପସନ୍ଦର ପ୍ରାର୍ଥୀଙ୍କୁ ସମର୍ଥନ କରିବା ପାଇଁ ପ୍ରଚାର ଆରମ୍ଭ କରିଦେଇଛନ୍ତି। ବର୍ତ୍ତମାନ ପର୍ଯ୍ୟନ୍ତ ମହାବିଦ୍ୟାଳୟରେ ଶାନ୍ତିପୂର୍ଣ୍ଣ ପରିବେଶ ରହିଛି।
ନରସିଂହ ଚୌଧୁରୀ ସ୍ୱୟଂଶାସିତ ମହାବିଦ୍ୟାଳୟ
ସ୍ୱୟଂଶାସିତ ନବାଗତଙ୍କ ପାଇଁ ପରିଚାଳନା କମିଟି ଗଠିତ
ଯୋଗାଡ଼ ରହିଛି ୩୦୦ ଦଳ, ବାକି ରହିଛି ୫୦
ସମସ୍ୟାର ସମାଧାନ ପାଇଁ ପ୍ରୟାସ ଜାରି ରଖିଛନ୍ତି ଛାତ୍ରନେତା
ବାକି ୫୦ ଦଳ ଯୋଗାଡ଼ ପାଇଁ ପ୍ରୟାସ ଜାରି ରହିଛି। ଛାତ୍ର ସଂଗଠନମାନେ ଏ ନେଇ ସକ୍ରିୟ ହୋଇ ମହାବିଦ୍ୟାଳୟରେ ବୈଠକ କରୁଛନ୍ତି। ନିର୍ବାଚନ ପାଇଁ ବିଭିନ୍ନ ସଂଗଠନ ଆରମ୍ଭ କରିଦେଇଛନ୍ତି ମାତ୍ର ଛାତ୍ରଛାତ୍ରୀଙ୍କ ସମସ୍ୟା ସମାଧାନ ପାଇଁ କୌଣସି ଗମ୍ଭୀର ପ୍ରୟାସ ହେଉନି। ଲାଇବ୍ରେରି, ଲାବୋରେଟୋରି, ହଷ୍ଟେଲ, ପାନୀୟ ଜଳ ଓ ଶୌଚାଳୟ ଭଳି ସମସ୍ୟା ରହିଛି। ଛାତ୍ରନେତାମାନେ ଏସବୁ ସମସ୍ୟାକୁ ନିର୍ବାଚନୀ ଇସ୍ତାହାରରେ ସାମିଲ କରୁଛନ୍ତି। ନିର୍ବାଚନ ପାଇଁ ମହାବିଦ୍ୟାଳୟ ପ୍ରଶାସନ ସମସ୍ତ ପ୍ରସ୍ତୁତି ଶେଷ କରିଛି। ଏହି ନିର୍ବାଚନକୁ ଶାନ୍ତିପୂର୍ଣ୍ଣ ଭାବେ ପରିଚାଳନା କରିବା ପାଇଁ ପୋଲିସ ପ୍ରଶାସନ ମଧ୍ୟ ପ୍ରସ୍ତୁତ ରହିଛି। ନିର୍ବାଚନ ତାରିଖ ନିକଟତର ହେଉଥିବାରୁ ପ୍ରଚାର ତୀବ୍ର ହୋଇଛି।
